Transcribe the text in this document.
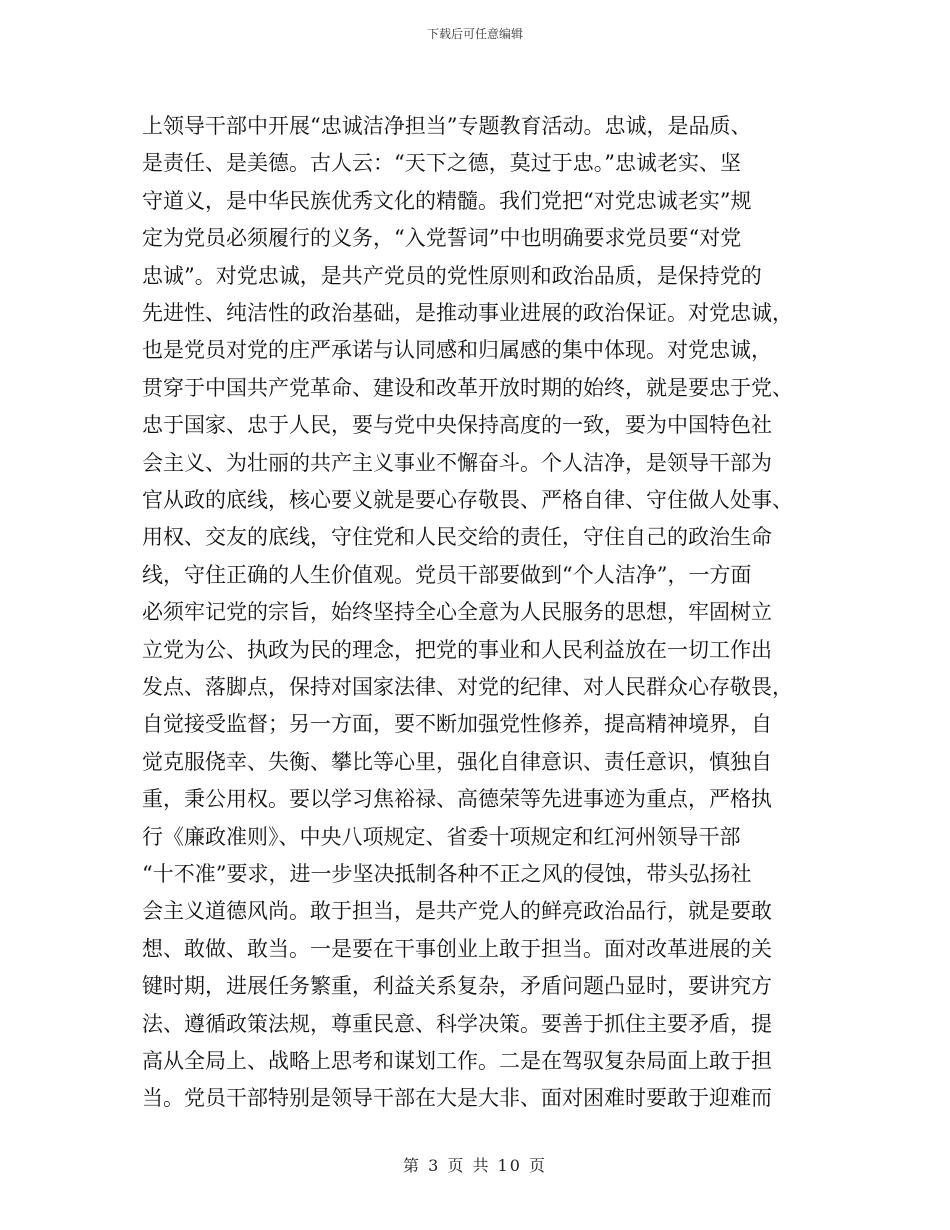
下载后可任意编辑
上领导干部中开展“忠诚洁净担当”专题教育活动。忠诚，是品质、
是责任、是美德。古人云：“天下之德，莫过于忠。”忠诚老实、坚
守道义，是中华民族优秀文化的精髓。我们党把“对党忠诚老实”规
定为党员必须履行的义务，“入党誓词”中也明确要求党员要“对党
忠诚”。对党忠诚，是共产党员的党性原则和政治品质，是保持党的
先进性、纯洁性的政治基础，是推动事业进展的政治保证。对党忠诚，
也是党员对党的庄严承诺与认同感和归属感的集中体现。对党忠诚，
贯穿于中国共产党革命、建设和改革开放时期的始终，就是要忠于党、
忠于国家、忠于人民，要与党中央保持高度的一致，要为中国特色社
会主义、为壮丽的共产主义事业不懈奋斗。个人洁净，是领导干部为
官从政的底线，核心要义就是要心存敬畏、严格自律、守住做人处事、
用权、交友的底线，守住党和人民交给的责任，守住自己的政治生命
线，守住正确的人生价值观。党员干部要做到“个人洁净”，一方面
必须牢记党的宗旨，始终坚持全心全意为人民服务的思想，牢固树立
立党为公、执政为民的理念，把党的事业和人民利益放在一切工作出
发点、落脚点，保持对国家法律、对党的纪律、对人民群众心存敬畏，
自觉接受监督；另一方面，要不断加强党性修养，提高精神境界，自
觉克服侥幸、失衡、攀比等心里，强化自律意识、责任意识，慎独自
重，秉公用权。要以学习焦裕禄、高德荣等先进事迹为重点，严格执
行《廉政准则》、中央八项规定、省委十项规定和红河州领导干部
“十不准”要求，进一步坚决抵制各种不正之风的侵蚀，带头弘扬社
会主义道德风尚。敢于担当，是共产党人的鲜亮政治品行，就是要敢
想、敢做、敢当。一是要在干事创业上敢于担当。面对改革进展的关
键时期，进展任务繁重，利益关系复杂，矛盾问题凸显时，要讲究方
法、遵循政策法规，尊重民意、科学决策。要善于抓住主要矛盾，提
高从全局上、战略上思考和谋划工作。二是在驾驭复杂局面上敢于担
当。党员干部特别是领导干部在大是大非、面对困难时要敢于迎难而
第 3 页 共 10 页
